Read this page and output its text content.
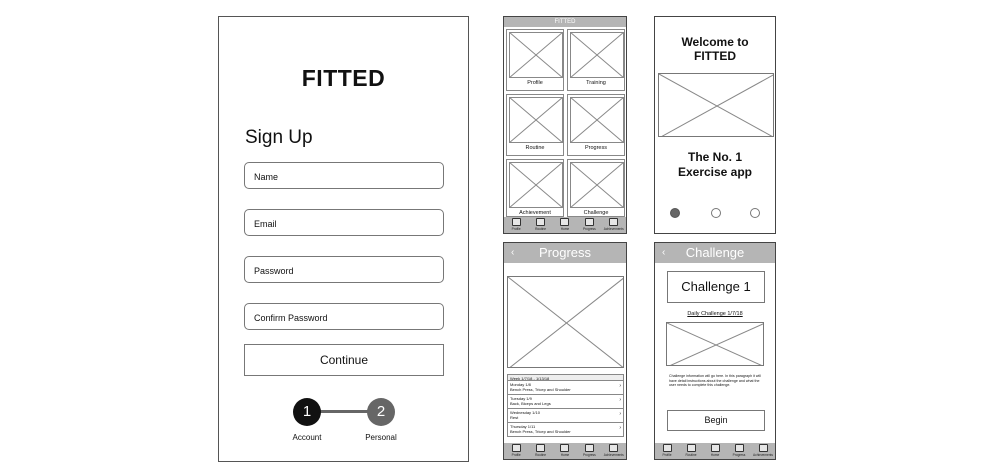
FITTED
Sign Up
Name
Email
Password
Confirm Password
Continue
1	2
Account	Personal
FITTED
Profile	Training
Routine	Progress
Achievement	Challenge
Profile	Routine	Home	Progress	Achievements
Welcome to
FITTED
The No. 1
Exercise app
Progress
‹
Week 1/7/18 - 1/13/18
Monday 1/8
Bench Press, Tricep and Shoulder
›
Tuesday 1/9
Back, Biceps and Legs
›
Wednesday 1/10
Rest
›
Thursday 1/11
Bench Press, Tricep and Shoulder
›
Profile	Routine	Home	Progress	Achievements
Challenge
‹
Challenge 1
Daily Challenge 1/7/18
Challenge information will go here. In this paragraph it will have detail instructions about the challenge and what the user needs to complete this challenge.
Begin
Profile	Routine	Home	Progress Achievements
